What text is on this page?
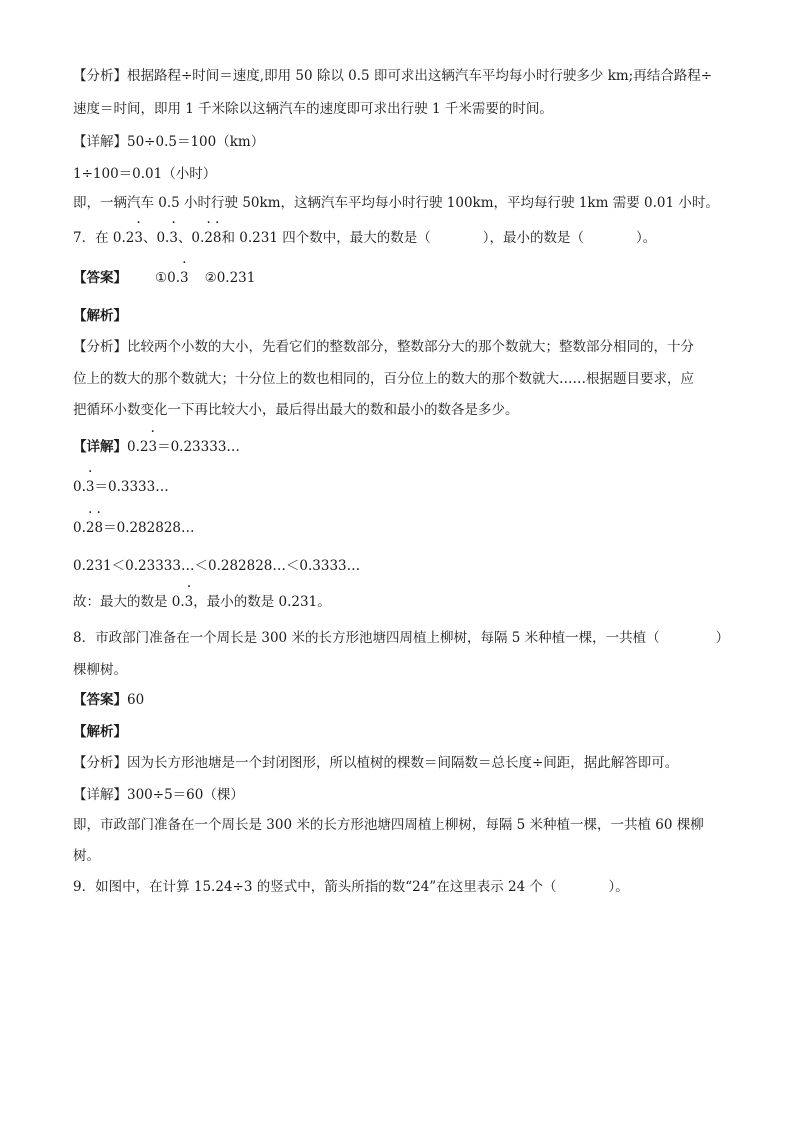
【分析】根据路程÷时间＝速度,即用 50 除以 0.5 即可求出这辆汽车平均每小时行驶多少 km;再结合路程÷
速度＝时间，即用 1 千米除以这辆汽车的速度即可求出行驶 1 千米需要的时间。
【详解】50÷0.5＝100（km）
1÷100＝0.01（小时）
即，一辆汽车 0.5 小时行驶 50km，这辆汽车平均每小时行驶 100km，平均每行驶 1km 需要 0.01 小时。
7．在 0.2· 3、0.· 3、0.· 2· 8和 0.231 四个数中，最大的数是（	），最小的数是（	）。
【答案】 ①0.· 3 ②0.231
【解析】
【分析】比较两个小数的大小，先看它们的整数部分，整数部分大的那个数就大；整数部分相同的，十分
位上的数大的那个数就大；十分位上的数也相同的，百分位上的数大的那个数就大……根据题目要求，应
把循环小数变化一下再比较大小，最后得出最大的数和最小的数各是多少。
【详解】0.2· 3＝0.23333…
0.· 3＝0.3333…
0.· 2· 8＝0.282828…
0.231＜0.23333…＜0.282828…＜0.3333…
故：最大的数是 0.· 3，最小的数是 0.231。
8．市政部门准备在一个周长是 300 米的长方形池塘四周植上柳树，每隔 5 米种植一棵，一共植（	）
棵柳树。
【答案】60
【解析】
【分析】因为长方形池塘是一个封闭图形，所以植树的棵数＝间隔数＝总长度÷间距，据此解答即可。
【详解】300÷5＝60（棵）
即，市政部门准备在一个周长是 300 米的长方形池塘四周植上柳树，每隔 5 米种植一棵，一共植 60 棵柳
树。
9．如图中，在计算 15.24÷3 的竖式中，箭头所指的数“24”在这里表示 24 个（	）。
